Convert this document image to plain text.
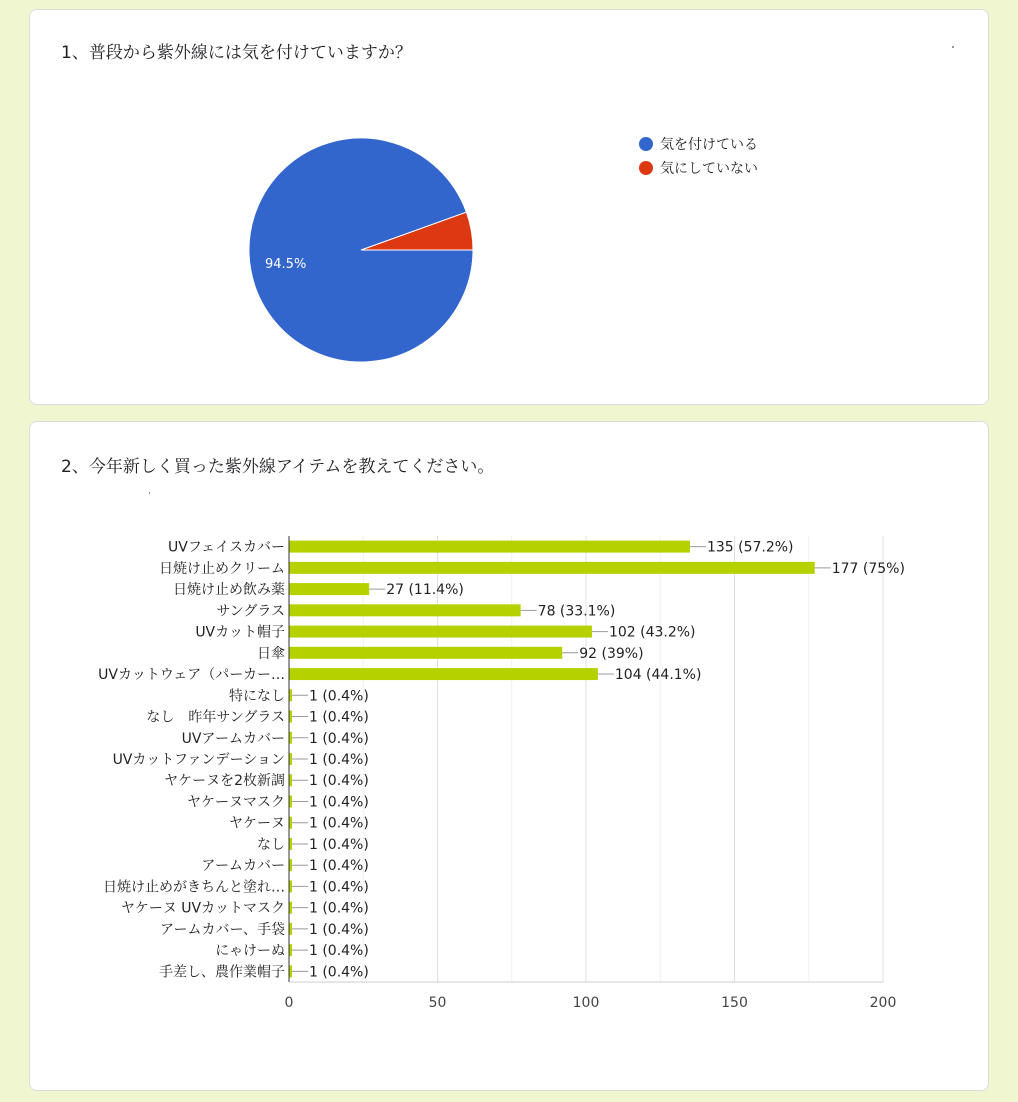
1、普段から紫外線には気を付けていますか？
94.5%
気を付けている
気にしていない
2、今年新しく買った紫外線アイテムを教えてください。
0	50	100	150	200
135 (57.2%)
UVフェイスカバー
177 (75%)
日焼け止めクリーム
27 (11.4%)
日焼け止め飲み薬
78 (33.1%)
サングラス
102 (43.2%)
UVカット帽子
92 (39%)
日傘
104 (44.1%)
UVカットウェア（パーカー…
1 (0.4%)
特になし
1 (0.4%)
なし　昨年サングラス
1 (0.4%)
UVアームカバー
1 (0.4%)
UVカットファンデーション
1 (0.4%)
ヤケーヌを2枚新調
1 (0.4%)
ヤケーヌマスク
1 (0.4%)
ヤケーヌ
1 (0.4%)
なし
1 (0.4%)
アームカバー
1 (0.4%)
日焼け止めがきちんと塗れ…
1 (0.4%)
ヤケーヌ UVカットマスク
1 (0.4%)
アームカバー、手袋
1 (0.4%)
にゃけーぬ
1 (0.4%)
手差し、農作業帽子
